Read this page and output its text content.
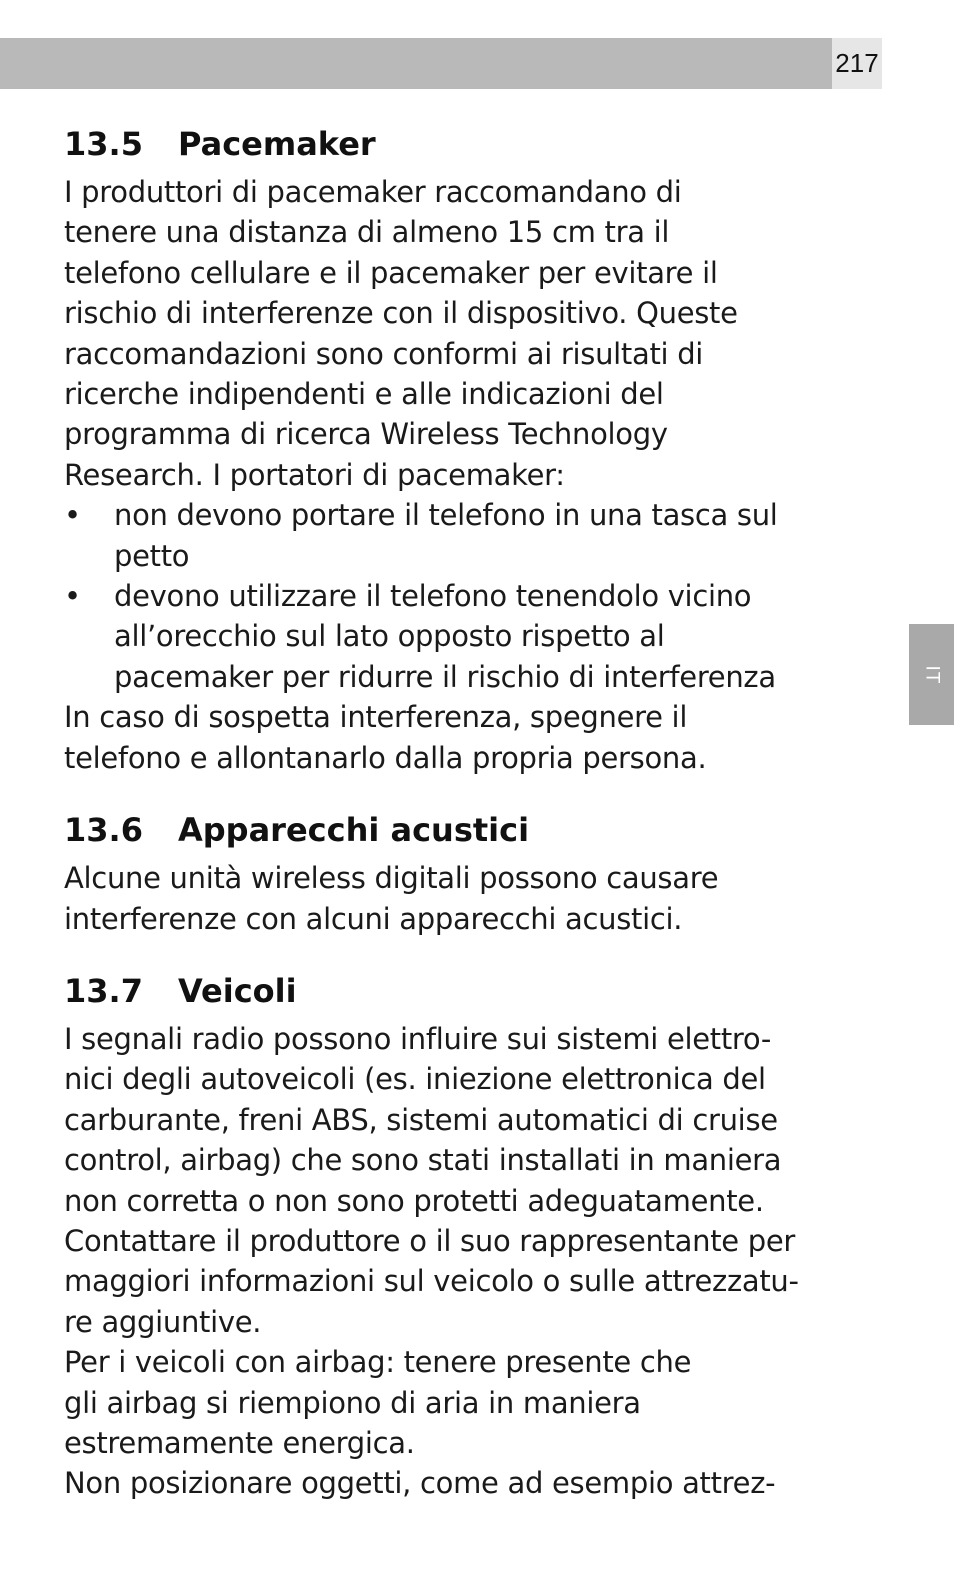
217
IT
13.5 Pacemaker

I produttori di pacemaker raccomandano di

tenere una distanza di almeno 15 cm tra il

telefono cellulare e il pacemaker per evitare il

rischio di interferenze con il dispositivo. Queste

raccomandazioni sono conformi ai risultati di

ricerche indipendenti e alle indicazioni del

programma di ricerca Wireless Technology

Research. I portatori di pacemaker:

• non devono portare il telefono in una tasca sul
petto
• devono utilizzare il telefono tenendolo vicino
all’orecchio sul lato opposto rispetto al
pacemaker per ridurre il rischio di interferenza

In caso di sospetta interferenza, spegnere il

telefono e allontanarlo dalla propria persona.

13.6 Apparecchi acustici

Alcune unità wireless digitali possono causare

interferenze con alcuni apparecchi acustici.

13.7 Veicoli

I segnali radio possono influire sui sistemi elettro-

nici degli autoveicoli (es. iniezione elettronica del

carburante, freni ABS, sistemi automatici di cruise

control, airbag) che sono stati installati in maniera

non corretta o non sono protetti adeguatamente.

Contattare il produttore o il suo rappresentante per

maggiori informazioni sul veicolo o sulle attrezzatu-

re aggiuntive.

Per i veicoli con airbag: tenere presente che

gli airbag si riempiono di aria in maniera

estremamente energica.

Non posizionare oggetti, come ad esempio attrez-
